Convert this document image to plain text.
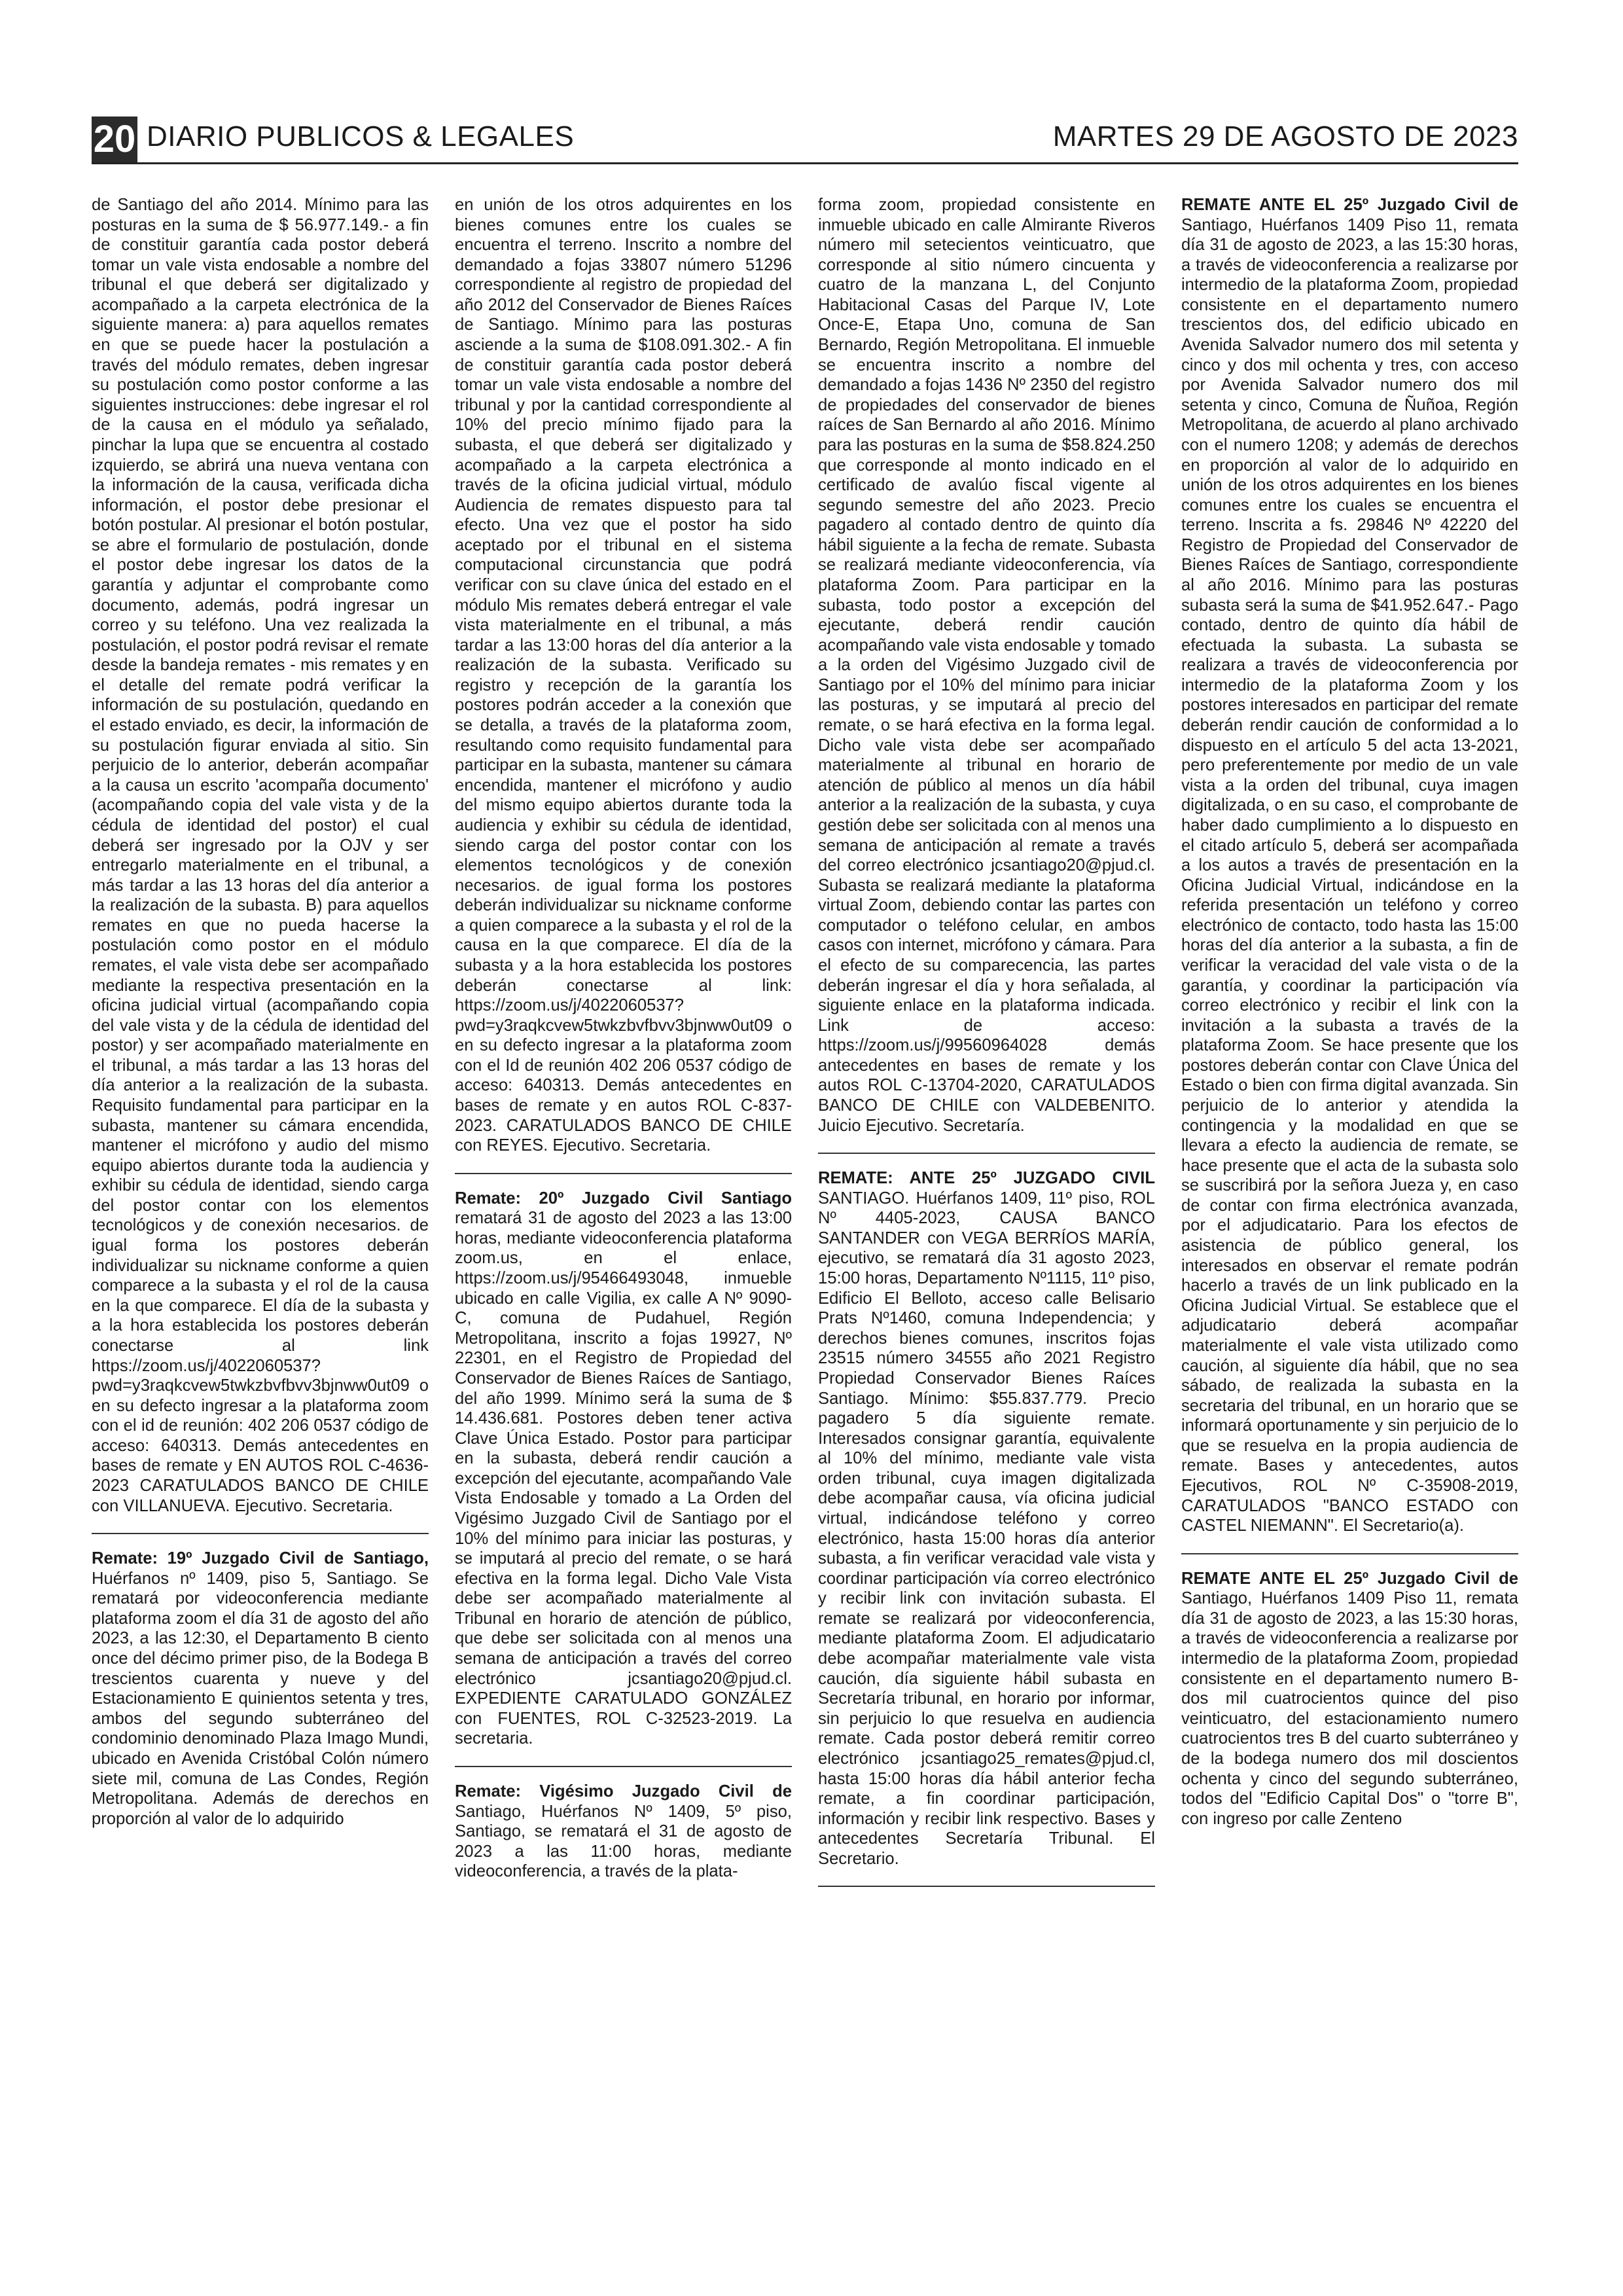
20 DIARIO PUBLICOS & LEGALES	MARTES 29 DE AGOSTO DE 2023

de Santiago del año 2014. Mínimo para las posturas en la suma de $ 56.977.149.- a fin de constituir garantía cada postor deberá tomar un vale vista endosable a nombre del tribunal el que deberá ser digitalizado y acompañado a la carpeta electrónica de la siguiente manera: a) para aquellos remates en que se puede hacer la postulación a través del módulo remates, deben ingresar su postulación como postor conforme a las siguientes instrucciones: debe ingresar el rol de la causa en el módulo ya señalado, pinchar la lupa que se encuentra al costado izquierdo, se abrirá una nueva ventana con la información de la causa, verificada dicha información, el postor debe presionar el botón postular. Al presionar el botón postular, se abre el formulario de postulación, donde el postor debe ingresar los datos de la garantía y adjuntar el comprobante como documento, además, podrá ingresar un correo y su teléfono. Una vez realizada la postulación, el postor podrá revisar el remate desde la bandeja remates - mis remates y en el detalle del remate podrá verificar la información de su postulación, quedando en el estado enviado, es decir, la información de su postulación figurar enviada al sitio. Sin perjuicio de lo anterior, deberán acompañar a la causa un escrito 'acompaña documento' (acompañando copia del vale vista y de la cédula de identidad del postor) el cual deberá ser ingresado por la OJV y ser entregarlo materialmente en el tribunal, a más tardar a las 13 horas del día anterior a la realización de la subasta. B) para aquellos remates en que no pueda hacerse la postulación como postor en el módulo remates, el vale vista debe ser acompañado mediante la respectiva presentación en la oficina judicial virtual (acompañando copia del vale vista y de la cédula de identidad del postor) y ser acompañado materialmente en el tribunal, a más tardar a las 13 horas del día anterior a la realización de la subasta. Requisito fundamental para participar en la subasta, mantener su cámara encendida, mantener el micrófono y audio del mismo equipo abiertos durante toda la audiencia y exhibir su cédula de identidad, siendo carga del postor contar con los elementos tecnológicos y de conexión necesarios. de igual forma los postores deberán individualizar su nickname conforme a quien comparece a la subasta y el rol de la causa en la que comparece. El día de la subasta y a la hora establecida los postores deberán conectarse al link https://zoom.us/j/4022060537?pwd=y3raqkcvew5twkzbvfbvv3bjnww0ut09 o en su defecto ingresar a la plataforma zoom con el id de reunión: 402 206 0537 código de acceso: 640313. Demás antecedentes en bases de remate y EN AUTOS ROL C-4636-2023 CARATULADOS BANCO DE CHILE con VILLANUEVA. Ejecutivo. Secretaria.

Remate: 19º Juzgado Civil de Santiago, Huérfanos nº 1409, piso 5, Santiago. Se rematará por videoconferencia mediante plataforma zoom el día 31 de agosto del año 2023, a las 12:30, el Departamento B ciento once del décimo primer piso, de la Bodega B trescientos cuarenta y nueve y del Estacionamiento E quinientos setenta y tres, ambos del segundo subterráneo del condominio denominado Plaza Imago Mundi, ubicado en Avenida Cristóbal Colón número siete mil, comuna de Las Condes, Región Metropolitana. Además de derechos en proporción al valor de lo adquirido

en unión de los otros adquirentes en los bienes comunes entre los cuales se encuentra el terreno. Inscrito a nombre del demandado a fojas 33807 número 51296 correspondiente al registro de propiedad del año 2012 del Conservador de Bienes Raíces de Santiago. Mínimo para las posturas asciende a la suma de $108.091.302.- A fin de constituir garantía cada postor deberá tomar un vale vista endosable a nombre del tribunal y por la cantidad correspondiente al 10% del precio mínimo fijado para la subasta, el que deberá ser digitalizado y acompañado a la carpeta electrónica a través de la oficina judicial virtual, módulo Audiencia de remates dispuesto para tal efecto. Una vez que el postor ha sido aceptado por el tribunal en el sistema computacional circunstancia que podrá verificar con su clave única del estado en el módulo Mis remates deberá entregar el vale vista materialmente en el tribunal, a más tardar a las 13:00 horas del día anterior a la realización de la subasta. Verificado su registro y recepción de la garantía los postores podrán acceder a la conexión que se detalla, a través de la plataforma zoom, resultando como requisito fundamental para participar en la subasta, mantener su cámara encendida, mantener el micrófono y audio del mismo equipo abiertos durante toda la audiencia y exhibir su cédula de identidad, siendo carga del postor contar con los elementos tecnológicos y de conexión necesarios. de igual forma los postores deberán individualizar su nickname conforme a quien comparece a la subasta y el rol de la causa en la que comparece. El día de la subasta y a la hora establecida los postores deberán conectarse al link: https://zoom.us/j/4022060537?pwd=y3raqkcvew5twkzbvfbvv3bjnww0ut09 o en su defecto ingresar a la plataforma zoom con el Id de reunión 402 206 0537 código de acceso: 640313. Demás antecedentes en bases de remate y en autos ROL C-837-2023. CARATULADOS BANCO DE CHILE con REYES. Ejecutivo. Secretaria.

Remate: 20º Juzgado Civil Santiago rematará 31 de agosto del 2023 a las 13:00 horas, mediante videoconferencia plataforma zoom.us, en el enlace, https://zoom.us/j/95466493048, inmueble ubicado en calle Vigilia, ex calle A Nº 9090-C, comuna de Pudahuel, Región Metropolitana, inscrito a fojas 19927, Nº 22301, en el Registro de Propiedad del Conservador de Bienes Raíces de Santiago, del año 1999. Mínimo será la suma de $ 14.436.681. Postores deben tener activa Clave Única Estado. Postor para participar en la subasta, deberá rendir caución a excepción del ejecutante, acompañando Vale Vista Endosable y tomado a La Orden del Vigésimo Juzgado Civil de Santiago por el 10% del mínimo para iniciar las posturas, y se imputará al precio del remate, o se hará efectiva en la forma legal. Dicho Vale Vista debe ser acompañado materialmente al Tribunal en horario de atención de público, que debe ser solicitada con al menos una semana de anticipación a través del correo electrónico jcsantiago20@pjud.cl. EXPEDIENTE CARATULADO GONZÁLEZ con FUENTES, ROL C-32523-2019. La secretaria.

Remate: Vigésimo Juzgado Civil de Santiago, Huérfanos Nº 1409, 5º piso, Santiago, se rematará el 31 de agosto de 2023 a las 11:00 horas, mediante videoconferencia, a través de la plata-

forma zoom, propiedad consistente en inmueble ubicado en calle Almirante Riveros número mil setecientos veinticuatro, que corresponde al sitio número cincuenta y cuatro de la manzana L, del Conjunto Habitacional Casas del Parque IV, Lote Once-E, Etapa Uno, comuna de San Bernardo, Región Metropolitana. El inmueble se encuentra inscrito a nombre del demandado a fojas 1436 Nº 2350 del registro de propiedades del conservador de bienes raíces de San Bernardo al año 2016. Mínimo para las posturas en la suma de $58.824.250 que corresponde al monto indicado en el certificado de avalúo fiscal vigente al segundo semestre del año 2023. Precio pagadero al contado dentro de quinto día hábil siguiente a la fecha de remate. Subasta se realizará mediante videoconferencia, vía plataforma Zoom. Para participar en la subasta, todo postor a excepción del ejecutante, deberá rendir caución acompañando vale vista endosable y tomado a la orden del Vigésimo Juzgado civil de Santiago por el 10% del mínimo para iniciar las posturas, y se imputará al precio del remate, o se hará efectiva en la forma legal. Dicho vale vista debe ser acompañado materialmente al tribunal en horario de atención de público al menos un día hábil anterior a la realización de la subasta, y cuya gestión debe ser solicitada con al menos una semana de anticipación al remate a través del correo electrónico jcsantiago20@pjud.cl. Subasta se realizará mediante la plataforma virtual Zoom, debiendo contar las partes con computador o teléfono celular, en ambos casos con internet, micrófono y cámara. Para el efecto de su comparecencia, las partes deberán ingresar el día y hora señalada, al siguiente enlace en la plataforma indicada. Link de acceso: https://zoom.us/j/99560964028 demás antecedentes en bases de remate y los autos ROL C-13704-2020, CARATULADOS BANCO DE CHILE con VALDEBENITO. Juicio Ejecutivo. Secretaría.

REMATE: ANTE 25º JUZGADO CIVIL SANTIAGO. Huérfanos 1409, 11º piso, ROL Nº 4405-2023, CAUSA BANCO SANTANDER con VEGA BERRÍOS MARÍA, ejecutivo, se rematará día 31 agosto 2023, 15:00 horas, Departamento Nº1115, 11º piso, Edificio El Belloto, acceso calle Belisario Prats Nº1460, comuna Independencia; y derechos bienes comunes, inscritos fojas 23515 número 34555 año 2021 Registro Propiedad Conservador Bienes Raíces Santiago. Mínimo: $55.837.779. Precio pagadero 5 día siguiente remate. Interesados consignar garantía, equivalente al 10% del mínimo, mediante vale vista orden tribunal, cuya imagen digitalizada debe acompañar causa, vía oficina judicial virtual, indicándose teléfono y correo electrónico, hasta 15:00 horas día anterior subasta, a fin verificar veracidad vale vista y coordinar participación vía correo electrónico y recibir link con invitación subasta. El remate se realizará por videoconferencia, mediante plataforma Zoom. El adjudicatario debe acompañar materialmente vale vista caución, día siguiente hábil subasta en Secretaría tribunal, en horario por informar, sin perjuicio lo que resuelva en audiencia remate. Cada postor deberá remitir correo electrónico jcsantiago25_remates@pjud.cl, hasta 15:00 horas día hábil anterior fecha remate, a fin coordinar participación, información y recibir link respectivo. Bases y antecedentes Secretaría Tribunal. El Secretario.

REMATE ANTE EL 25º Juzgado Civil de Santiago, Huérfanos 1409 Piso 11, remata día 31 de agosto de 2023, a las 15:30 horas, a través de videoconferencia a realizarse por intermedio de la plataforma Zoom, propiedad consistente en el departamento numero trescientos dos, del edificio ubicado en Avenida Salvador numero dos mil setenta y cinco y dos mil ochenta y tres, con acceso por Avenida Salvador numero dos mil setenta y cinco, Comuna de Ñuñoa, Región Metropolitana, de acuerdo al plano archivado con el numero 1208; y además de derechos en proporción al valor de lo adquirido en unión de los otros adquirentes en los bienes comunes entre los cuales se encuentra el terreno. Inscrita a fs. 29846 Nº 42220 del Registro de Propiedad del Conservador de Bienes Raíces de Santiago, correspondiente al año 2016. Mínimo para las posturas subasta será la suma de $41.952.647.- Pago contado, dentro de quinto día hábil de efectuada la subasta. La subasta se realizara a través de videoconferencia por intermedio de la plataforma Zoom y los postores interesados en participar del remate deberán rendir caución de conformidad a lo dispuesto en el artículo 5 del acta 13-2021, pero preferentemente por medio de un vale vista a la orden del tribunal, cuya imagen digitalizada, o en su caso, el comprobante de haber dado cumplimiento a lo dispuesto en el citado artículo 5, deberá ser acompañada a los autos a través de presentación en la Oficina Judicial Virtual, indicándose en la referida presentación un teléfono y correo electrónico de contacto, todo hasta las 15:00 horas del día anterior a la subasta, a fin de verificar la veracidad del vale vista o de la garantía, y coordinar la participación vía correo electrónico y recibir el link con la invitación a la subasta a través de la plataforma Zoom. Se hace presente que los postores deberán contar con Clave Única del Estado o bien con firma digital avanzada. Sin perjuicio de lo anterior y atendida la contingencia y la modalidad en que se llevara a efecto la audiencia de remate, se hace presente que el acta de la subasta solo se suscribirá por la señora Jueza y, en caso de contar con firma electrónica avanzada, por el adjudicatario. Para los efectos de asistencia de público general, los interesados en observar el remate podrán hacerlo a través de un link publicado en la Oficina Judicial Virtual. Se establece que el adjudicatario deberá acompañar materialmente el vale vista utilizado como caución, al siguiente día hábil, que no sea sábado, de realizada la subasta en la secretaria del tribunal, en un horario que se informará oportunamente y sin perjuicio de lo que se resuelva en la propia audiencia de remate. Bases y antecedentes, autos Ejecutivos, ROL Nº C-35908-2019, CARATULADOS "BANCO ESTADO con CASTEL NIEMANN". El Secretario(a).

REMATE ANTE EL 25º Juzgado Civil de Santiago, Huérfanos 1409 Piso 11, remata día 31 de agosto de 2023, a las 15:30 horas, a través de videoconferencia a realizarse por intermedio de la plataforma Zoom, propiedad consistente en el departamento numero B- dos mil cuatrocientos quince del piso veinticuatro, del estacionamiento numero cuatrocientos tres B del cuarto subterráneo y de la bodega numero dos mil doscientos ochenta y cinco del segundo subterráneo, todos del "Edificio Capital Dos" o "torre B", con ingreso por calle Zenteno
